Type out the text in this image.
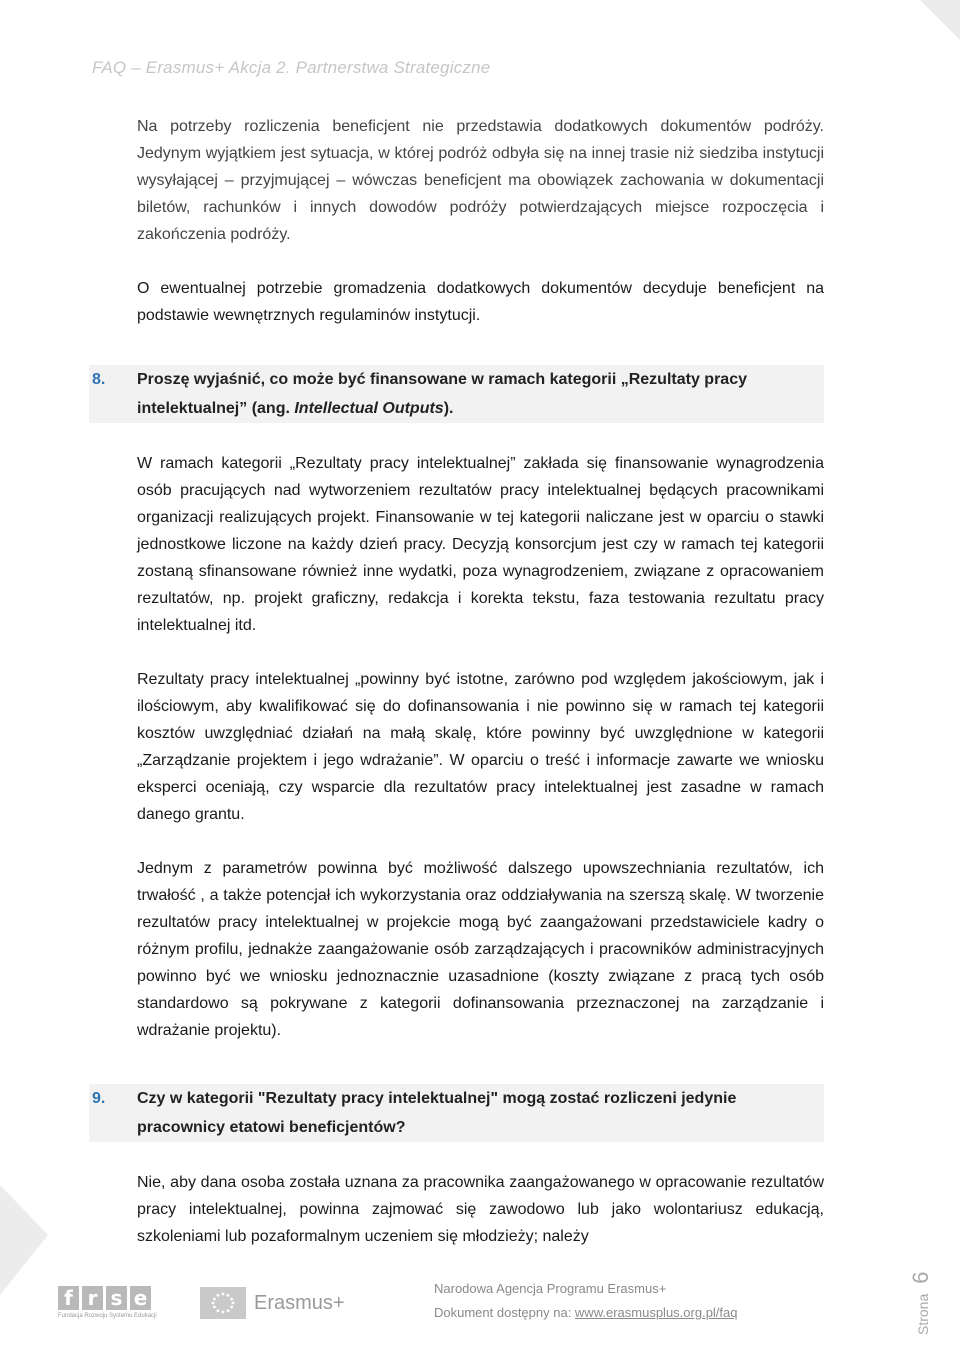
FAQ – Erasmus+ Akcja 2. Partnerstwa Strategiczne

Na potrzeby rozliczenia beneficjent nie przedstawia dodatkowych dokumentów podróży. Jedynym wyjątkiem jest sytuacja, w której podróż odbyła się na innej trasie niż siedziba instytucji wysyłającej – przyjmującej – wówczas beneficjent ma obowiązek zachowania w dokumentacji biletów, rachunków i innych dowodów podróży potwierdzających miejsce rozpoczęcia i zakończenia podróży.

O ewentualnej potrzebie gromadzenia dodatkowych dokumentów decyduje beneficjent na podstawie wewnętrznych regulaminów instytucji.

8. Proszę wyjaśnić, co może być finansowane w ramach kategorii „Rezultaty pracy intelektualnej” (ang. Intellectual Outputs).

W ramach kategorii „Rezultaty pracy intelektualnej” zakłada się finansowanie wynagrodzenia osób pracujących nad wytworzeniem rezultatów pracy intelektualnej będących pracownikami organizacji realizujących projekt. Finansowanie w tej kategorii naliczane jest w oparciu o stawki jednostkowe liczone na każdy dzień pracy. Decyzją konsorcjum jest czy w ramach tej kategorii zostaną sfinansowane również inne wydatki, poza wynagrodzeniem, związane z opracowaniem rezultatów, np. projekt graficzny, redakcja i korekta tekstu, faza testowania rezultatu pracy intelektualnej itd.

Rezultaty pracy intelektualnej „powinny być istotne, zarówno pod względem jakościowym, jak i ilościowym, aby kwalifikować się do dofinansowania i nie powinno się w ramach tej kategorii kosztów uwzględniać działań na małą skalę, które powinny być uwzględnione w kategorii „Zarządzanie projektem i jego wdrażanie”. W oparciu o treść i informacje zawarte we wniosku eksperci oceniają, czy wsparcie dla rezultatów pracy intelektualnej jest zasadne w ramach danego grantu.

Jednym z parametrów powinna być możliwość dalszego upowszechniania rezultatów, ich trwałość , a także potencjał ich wykorzystania oraz oddziaływania na szerszą skalę. W tworzenie rezultatów pracy intelektualnej w projekcie mogą być zaangażowani przedstawiciele kadry o różnym profilu, jednakże zaangażowanie osób zarządzających i pracowników administracyjnych powinno być we wniosku jednoznacznie uzasadnione (koszty związane z pracą tych osób standardowo są pokrywane z kategorii dofinansowania przeznaczonej na zarządzanie i wdrażanie projektu).

9. Czy w kategorii "Rezultaty pracy intelektualnej" mogą zostać rozliczeni jedynie pracownicy etatowi beneficjentów?

Nie, aby dana osoba została uznana za pracownika zaangażowanego w opracowanie rezultatów pracy intelektualnej, powinna zajmować się zawodowo lub jako wolontariusz edukacją, szkoleniami lub pozaformalnym uczeniem się młodzieży; należy

f r s e
Fundacja Rozwoju Systemu Edukacji
Erasmus+
Narodowa Agencja Programu Erasmus+
Dokument dostępny na: www.erasmusplus.org.pl/faq	Strona6
